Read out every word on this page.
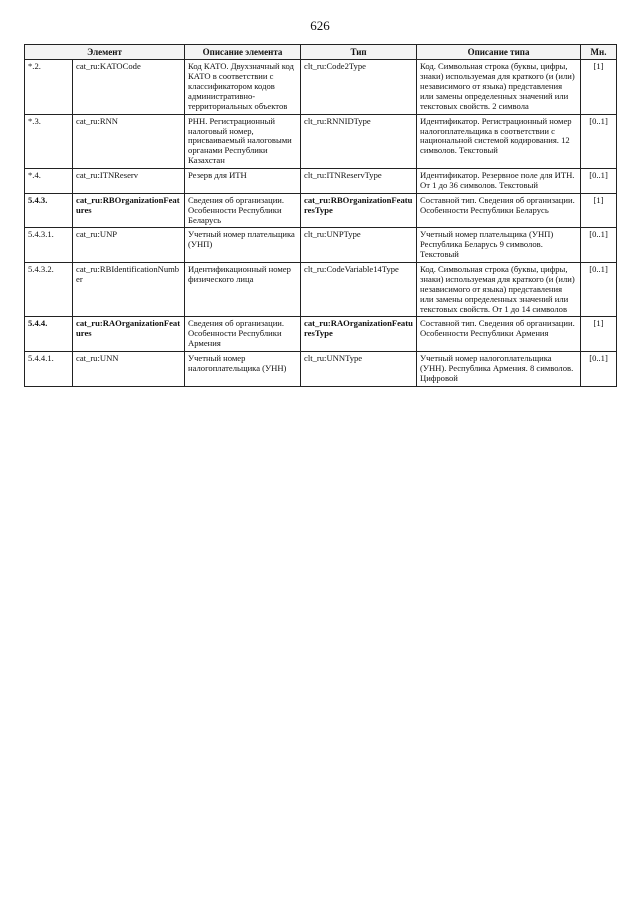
626
Элемент		Описание элемента	Тип	Описание типа	Мн.
*.2.	cat_ru:KATOCode	Код КАТО. Двухзначный код КАТО в соответствии с классификатором кодов административно-территориальных объектов	clt_ru:Code2Type	Код. Символьная строка (буквы, цифры, знаки) используемая для краткого (и (или) независимого от языка) представления или замены определенных значений или текстовых свойств. 2 символа	[1]
*.3.	cat_ru:RNN	РНН. Регистрационный налоговый номер, присваиваемый налоговыми органами Республики Казахстан	clt_ru:RNNIDType	Идентификатор. Регистрационный номер налогоплательщика в соответствии с национальной системой кодирования. 12 символов. Текстовый	[0..1]
*.4.	cat_ru:ITNReserv	Резерв для ИТН	clt_ru:ITNReservType	Идентификатор. Резервное поле для ИТН. От 1 до 36 символов. Текстовый	[0..1]
5.4.3.	cat_ru:RBOrganizationFeatures	Сведения об организации. Особенности Республики Беларусь	cat_ru:RBOrganizationFeaturesType	Составной тип. Сведения об организации. Особенности Республики Беларусь	[1]
5.4.3.1.	cat_ru:UNP	Учетный номер плательщика (УНП)	clt_ru:UNPType	Учетный номер плательщика (УНП) Республика Беларусь 9 символов. Текстовый	[0..1]
5.4.3.2.	cat_ru:RBIdentificationNumber	Идентификационный номер физического лица	clt_ru:CodeVariable14Type	Код. Символьная строка (буквы, цифры, знаки) используемая для краткого (и (или) независимого от языка) представления или замены определенных значений или текстовых свойств. От 1 до 14 символов	[0..1]
5.4.4.	cat_ru:RAOrganizationFeatures	Сведения об организации. Особенности Республики Армения	cat_ru:RAOrganizationFeaturesType	Составной тип. Сведения об организации. Особенности Республики Армения	[1]
5.4.4.1.	cat_ru:UNN	Учетный номер налогоплательщика (УНН)	clt_ru:UNNType	Учетный номер налогоплательщика (УНН). Республика Армения. 8 символов. Цифровой	[0..1]
